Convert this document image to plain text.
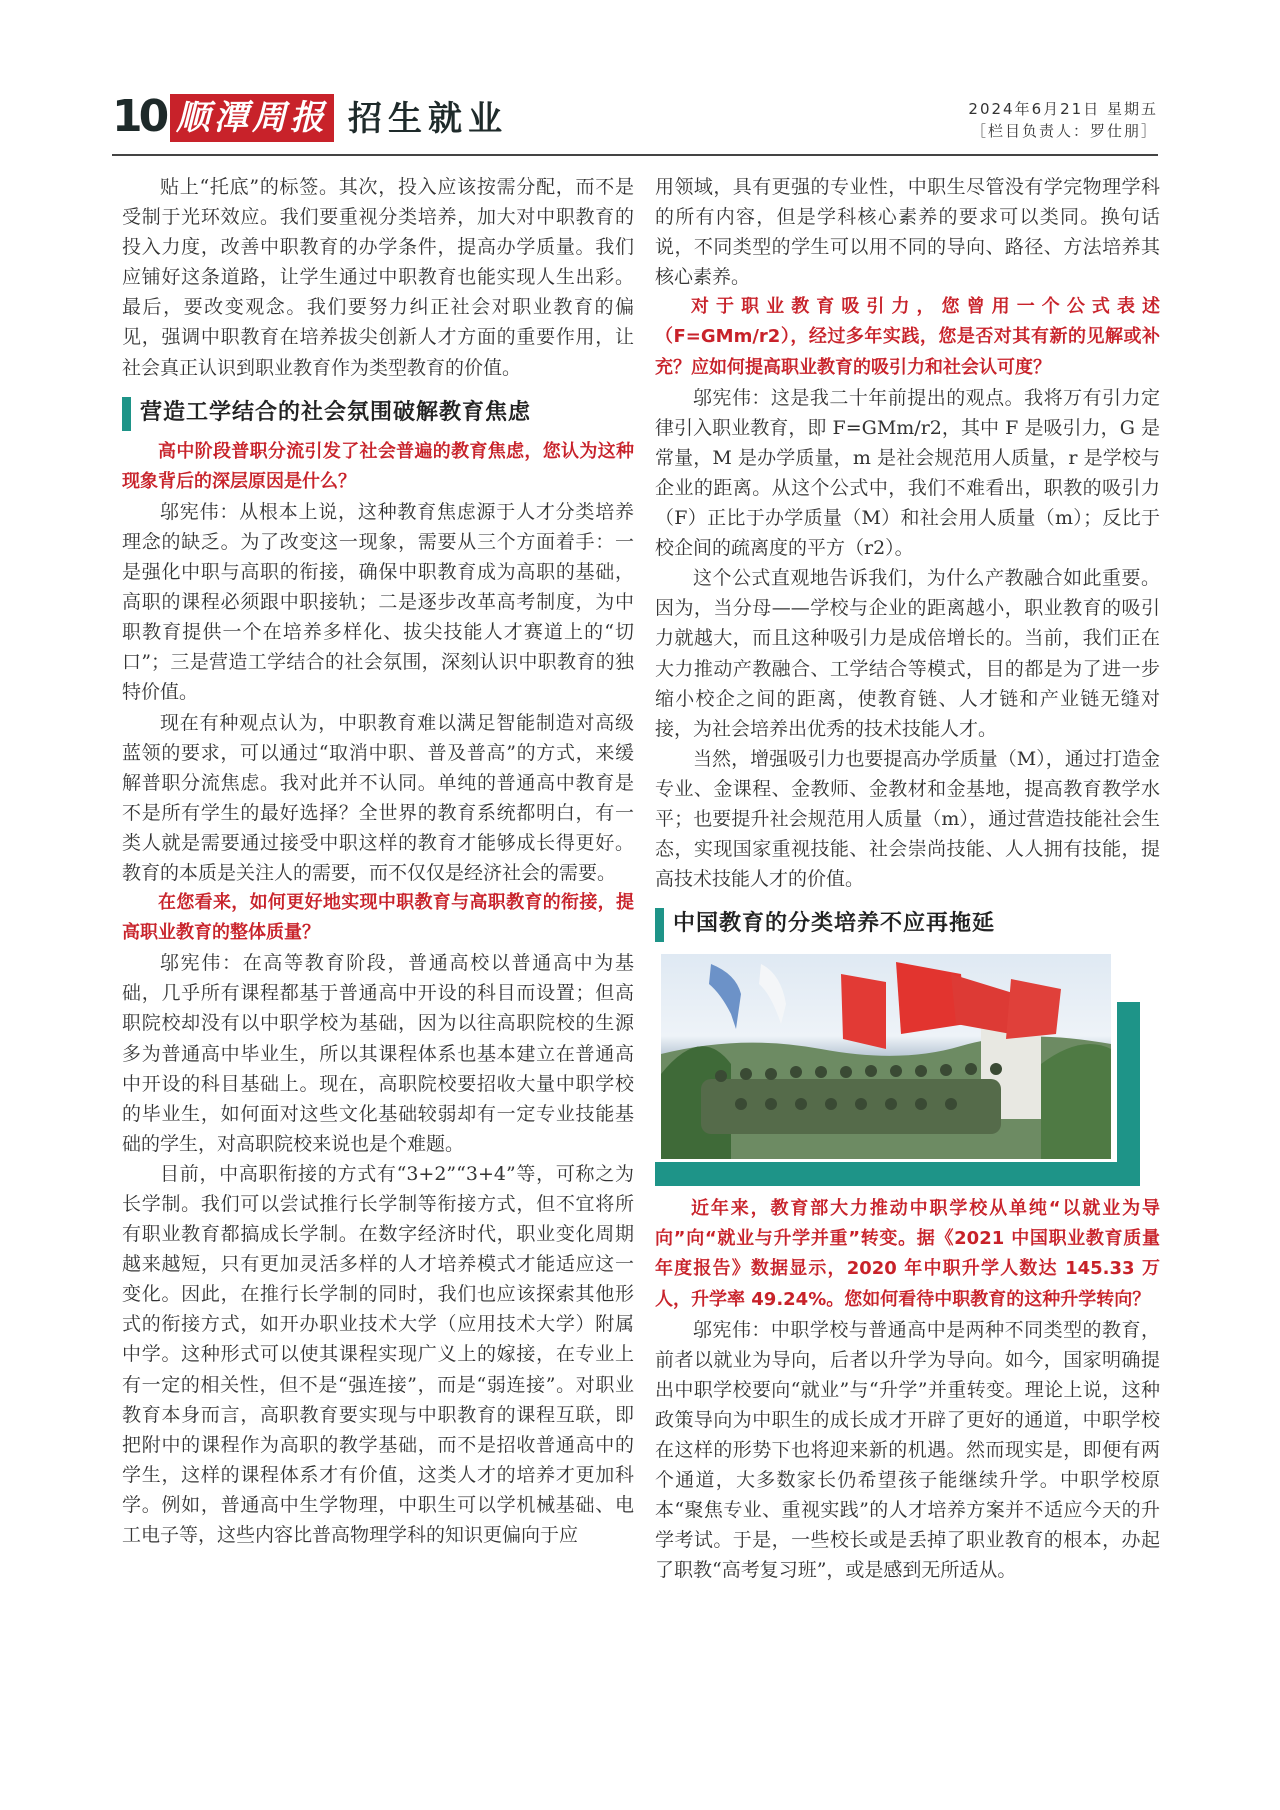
10 顺潭周报 招生就业	2024年6月21日 星期五
［栏目负责人：罗仕朋］

贴上“托底”的标签。其次，投入应该按需分配，而不是受制于光环效应。我们要重视分类培养，加大对中职教育的投入力度，改善中职教育的办学条件，提高办学质量。我们应铺好这条道路，让学生通过中职教育也能实现人生出彩。最后，要改变观念。我们要努力纠正社会对职业教育的偏见，强调中职教育在培养拔尖创新人才方面的重要作用，让社会真正认识到职业教育作为类型教育的价值。

营造工学结合的社会氛围破解教育焦虑

高中阶段普职分流引发了社会普遍的教育焦虑，您认为这种现象背后的深层原因是什么？

邬宪伟：从根本上说，这种教育焦虑源于人才分类培养理念的缺乏。为了改变这一现象，需要从三个方面着手：一是强化中职与高职的衔接，确保中职教育成为高职的基础，高职的课程必须跟中职接轨；二是逐步改革高考制度，为中职教育提供一个在培养多样化、拔尖技能人才赛道上的“切口”；三是营造工学结合的社会氛围，深刻认识中职教育的独特价值。

现在有种观点认为，中职教育难以满足智能制造对高级蓝领的要求，可以通过“取消中职、普及普高”的方式，来缓解普职分流焦虑。我对此并不认同。单纯的普通高中教育是不是所有学生的最好选择？全世界的教育系统都明白，有一类人就是需要通过接受中职这样的教育才能够成长得更好。教育的本质是关注人的需要，而不仅仅是经济社会的需要。

在您看来，如何更好地实现中职教育与高职教育的衔接，提高职业教育的整体质量？

邬宪伟：在高等教育阶段，普通高校以普通高中为基础，几乎所有课程都基于普通高中开设的科目而设置；但高职院校却没有以中职学校为基础，因为以往高职院校的生源多为普通高中毕业生，所以其课程体系也基本建立在普通高中开设的科目基础上。现在，高职院校要招收大量中职学校的毕业生，如何面对这些文化基础较弱却有一定专业技能基础的学生，对高职院校来说也是个难题。

目前，中高职衔接的方式有“3+2”“3+4”等，可称之为长学制。我们可以尝试推行长学制等衔接方式，但不宜将所有职业教育都搞成长学制。在数字经济时代，职业变化周期越来越短，只有更加灵活多样的人才培养模式才能适应这一变化。因此，在推行长学制的同时，我们也应该探索其他形式的衔接方式，如开办职业技术大学（应用技术大学）附属中学。这种形式可以使其课程实现广义上的嫁接，在专业上有一定的相关性，但不是“强连接”，而是“弱连接”。对职业教育本身而言，高职教育要实现与中职教育的课程互联，即把附中的课程作为高职的教学基础，而不是招收普通高中的学生，这样的课程体系才有价值，这类人才的培养才更加科学。例如，普通高中生学物理，中职生可以学机械基础、电工电子等，这些内容比普高物理学科的知识更偏向于应

用领域，具有更强的专业性，中职生尽管没有学完物理学科的所有内容，但是学科核心素养的要求可以类同。换句话说，不同类型的学生可以用不同的导向、路径、方法培养其核心素养。

对于职业教育吸引力，您曾用一个公式表述（F=GMm/r2），经过多年实践，您是否对其有新的见解或补充？应如何提高职业教育的吸引力和社会认可度？

邬宪伟：这是我二十年前提出的观点。我将万有引力定律引入职业教育，即 F=GMm/r2，其中 F 是吸引力，G 是常量，M 是办学质量，m 是社会规范用人质量，r 是学校与企业的距离。从这个公式中，我们不难看出，职教的吸引力（F）正比于办学质量（M）和社会用人质量（m）；反比于校企间的疏离度的平方（r2）。

这个公式直观地告诉我们，为什么产教融合如此重要。因为，当分母——学校与企业的距离越小，职业教育的吸引力就越大，而且这种吸引力是成倍增长的。当前，我们正在大力推动产教融合、工学结合等模式，目的都是为了进一步缩小校企之间的距离，使教育链、人才链和产业链无缝对接，为社会培养出优秀的技术技能人才。

当然，增强吸引力也要提高办学质量（M），通过打造金专业、金课程、金教师、金教材和金基地，提高教育教学水平；也要提升社会规范用人质量（m），通过营造技能社会生态，实现国家重视技能、社会崇尚技能、人人拥有技能，提高技术技能人才的价值。

中国教育的分类培养不应再拖延

近年来，教育部大力推动中职学校从单纯“以就业为导向”向“就业与升学并重”转变。据《2021 中国职业教育质量年度报告》数据显示，2020 年中职升学人数达 145.33 万人，升学率 49.24%。您如何看待中职教育的这种升学转向？

邬宪伟：中职学校与普通高中是两种不同类型的教育，前者以就业为导向，后者以升学为导向。如今，国家明确提出中职学校要向“就业”与“升学”并重转变。理论上说，这种政策导向为中职生的成长成才开辟了更好的通道，中职学校在这样的形势下也将迎来新的机遇。然而现实是，即便有两个通道，大多数家长仍希望孩子能继续升学。中职学校原本“聚焦专业、重视实践”的人才培养方案并不适应今天的升学考试。于是，一些校长或是丢掉了职业教育的根本，办起了职教“高考复习班”，或是感到无所适从。
